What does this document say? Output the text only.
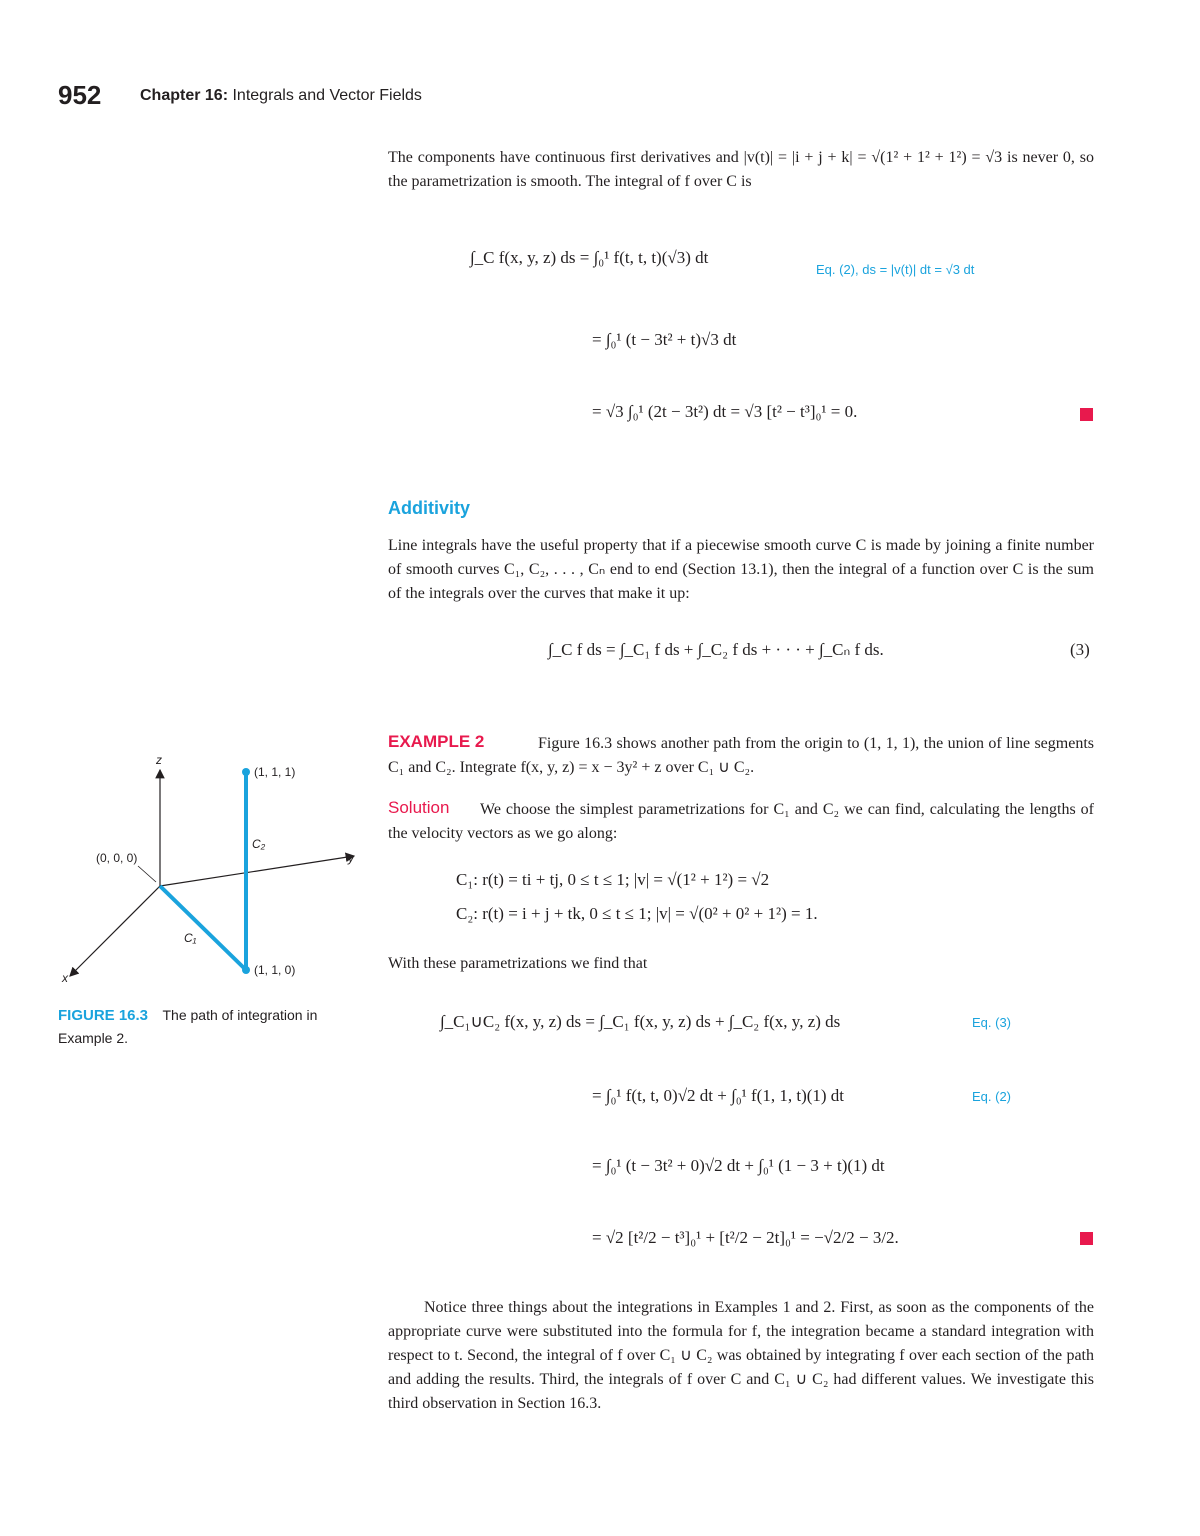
952 Chapter 16: Integrals and Vector Fields

The components have continuous first derivatives and |v(t)| = |i + j + k| = √(1² + 1² + 1²) = √3 is never 0, so the parametrization is smooth. The integral of f over C is

∫_C f(x, y, z) ds = ∫₀¹ f(t, t, t)(√3) dt
Eq. (2), ds = |v(t)| dt = √3 dt
= ∫₀¹ (t − 3t² + t)√3 dt
= √3 ∫₀¹ (2t − 3t²) dt = √3 [t² − t³]₀¹ = 0.
Additivity

Line integrals have the useful property that if a piecewise smooth curve C is made by joining a finite number of smooth curves C₁, C₂, . . . , Cₙ end to end (Section 13.1), then the integral of a function over C is the sum of the integrals over the curves that make it up:

∫_C f ds = ∫_C₁ f ds + ∫_C₂ f ds + · · · + ∫_Cₙ f ds.	(3)

Figure 16.3 shows another path from the origin to (1, 1, 1), the union of line segments C₁ and C₂. Integrate f(x, y, z) = x − 3y² + z over C₁ ∪ C₂.

EXAMPLE 2

We choose the simplest parametrizations for C₁ and C₂ we can find, calculating the lengths of the velocity vectors as we go along:

Solution
C₁: r(t) = ti + tj, 0 ≤ t ≤ 1; |v| = √(1² + 1²) = √2
C₂: r(t) = i + j + tk, 0 ≤ t ≤ 1; |v| = √(0² + 0² + 1²) = 1.
With these parametrizations we find that
∫_C₁∪C₂ f(x, y, z) ds = ∫_C₁ f(x, y, z) ds + ∫_C₂ f(x, y, z) ds	Eq. (3)
= ∫₀¹ f(t, t, 0)√2 dt + ∫₀¹ f(1, 1, t)(1) dt	Eq. (2)
= ∫₀¹ (t − 3t² + 0)√2 dt + ∫₀¹ (1 − 3 + t)(1) dt
= √2 [t²/2 − t³]₀¹ + [t²/2 − 2t]₀¹ = −√2/2 − 3/2.

Notice three things about the integrations in Examples 1 and 2. First, as soon as the components of the appropriate curve were substituted into the formula for f, the integration became a standard integration with respect to t. Second, the integral of f over C₁ ∪ C₂ was obtained by integrating f over each section of the path and adding the results. Third, the integrals of f over C and C₁ ∪ C₂ had different values. We investigate this third observation in Section 16.3.

z
y
x
(0, 0, 0)
(1, 1, 1)
(1, 1, 0)
C₁
C₂
FIGURE 16.3 The path of integration in Example 2.
